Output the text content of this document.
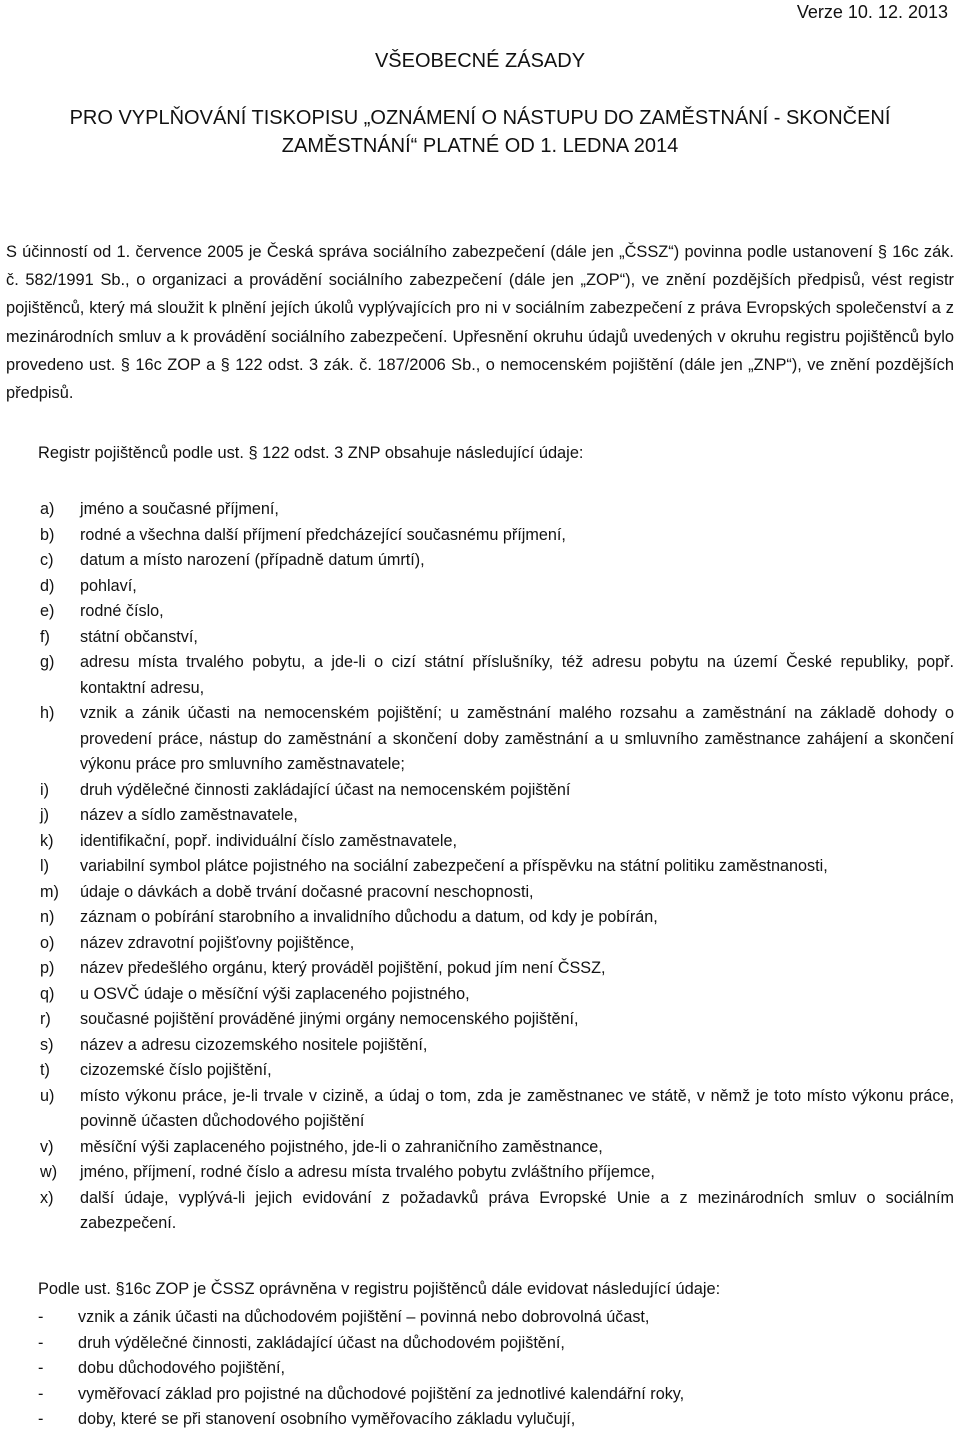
Verze 10. 12. 2013
VŠEOBECNÉ ZÁSADY
PRO VYPLŇOVÁNÍ TISKOPISU „OZNÁMENÍ O NÁSTUPU DO ZAMĚSTNÁNÍ - SKONČENÍ
ZAMĚSTNÁNÍ“ PLATNÉ OD 1. LEDNA 2014

S účinností od 1. července 2005 je Česká správa sociálního zabezpečení (dále jen „ČSSZ“) povinna podle ustanovení § 16c zák. č. 582/1991 Sb., o organizaci a provádění sociálního zabezpečení (dále jen „ZOP“), ve znění pozdějších předpisů, vést registr pojištěnců, který má sloužit k plnění jejích úkolů vyplývajících pro ni v sociálním zabezpečení z práva Evropských společenství a z mezinárodních smluv a k provádění sociálního zabezpečení. Upřesnění okruhu údajů uvedených v okruhu registru pojištěnců bylo provedeno ust. § 16c ZOP a § 122 odst. 3 zák. č. 187/2006 Sb., o nemocenském pojištění (dále jen „ZNP“), ve znění pozdějších předpisů.

Registr pojištěnců podle ust. § 122 odst. 3 ZNP obsahuje následující údaje:
a) jméno a současné příjmení,
b) rodné a všechna další příjmení předcházející současnému příjmení,
c) datum a místo narození (případně datum úmrtí),
d) pohlaví,
e) rodné číslo,
f) státní občanství,
g) adresu místa trvalého pobytu, a jde-li o cizí státní příslušníky, též adresu pobytu na území České republiky, popř. kontaktní adresu,
h) vznik a zánik účasti na nemocenském pojištění; u zaměstnání malého rozsahu a zaměstnání na základě dohody o provedení práce, nástup do zaměstnání a skončení doby zaměstnání a u smluvního zaměstnance zahájení a skončení výkonu práce pro smluvního zaměstnavatele;
i) druh výdělečné činnosti zakládající účast na nemocenském pojištění
j) název a sídlo zaměstnavatele,
k) identifikační, popř. individuální číslo zaměstnavatele,
l) variabilní symbol plátce pojistného na sociální zabezpečení a příspěvku na státní politiku zaměstnanosti,
m) údaje o dávkách a době trvání dočasné pracovní neschopnosti,
n) záznam o pobírání starobního a invalidního důchodu a datum, od kdy je pobírán,
o) název zdravotní pojišťovny pojištěnce,
p) název předešlého orgánu, který prováděl pojištění, pokud jím není ČSSZ,
q) u OSVČ údaje o měsíční výši zaplaceného pojistného,
r) současné pojištění prováděné jinými orgány nemocenského pojištění,
s) název a adresu cizozemského nositele pojištění,
t) cizozemské číslo pojištění,
u) místo výkonu práce, je-li trvale v cizině, a údaj o tom, zda je zaměstnanec ve státě, v němž je toto místo výkonu práce, povinně účasten důchodového pojištění
v) měsíční výši zaplaceného pojistného, jde-li o zahraničního zaměstnance,
w) jméno, příjmení, rodné číslo a adresu místa trvalého pobytu zvláštního příjemce,
x) další údaje, vyplývá-li jejich evidování z požadavků práva Evropské Unie a z mezinárodních smluv o sociálním zabezpečení.
Podle ust. §16c ZOP je ČSSZ oprávněna v registru pojištěnců dále evidovat následující údaje:
- vznik a zánik účasti na důchodovém pojištění – povinná nebo dobrovolná účast,
- druh výdělečné činnosti, zakládající účast na důchodovém pojištění,
- dobu důchodového pojištění,
- vyměřovací základ pro pojistné na důchodové pojištění za jednotlivé kalendářní roky,
- doby, které se při stanovení osobního vyměřovacího základu vylučují,
